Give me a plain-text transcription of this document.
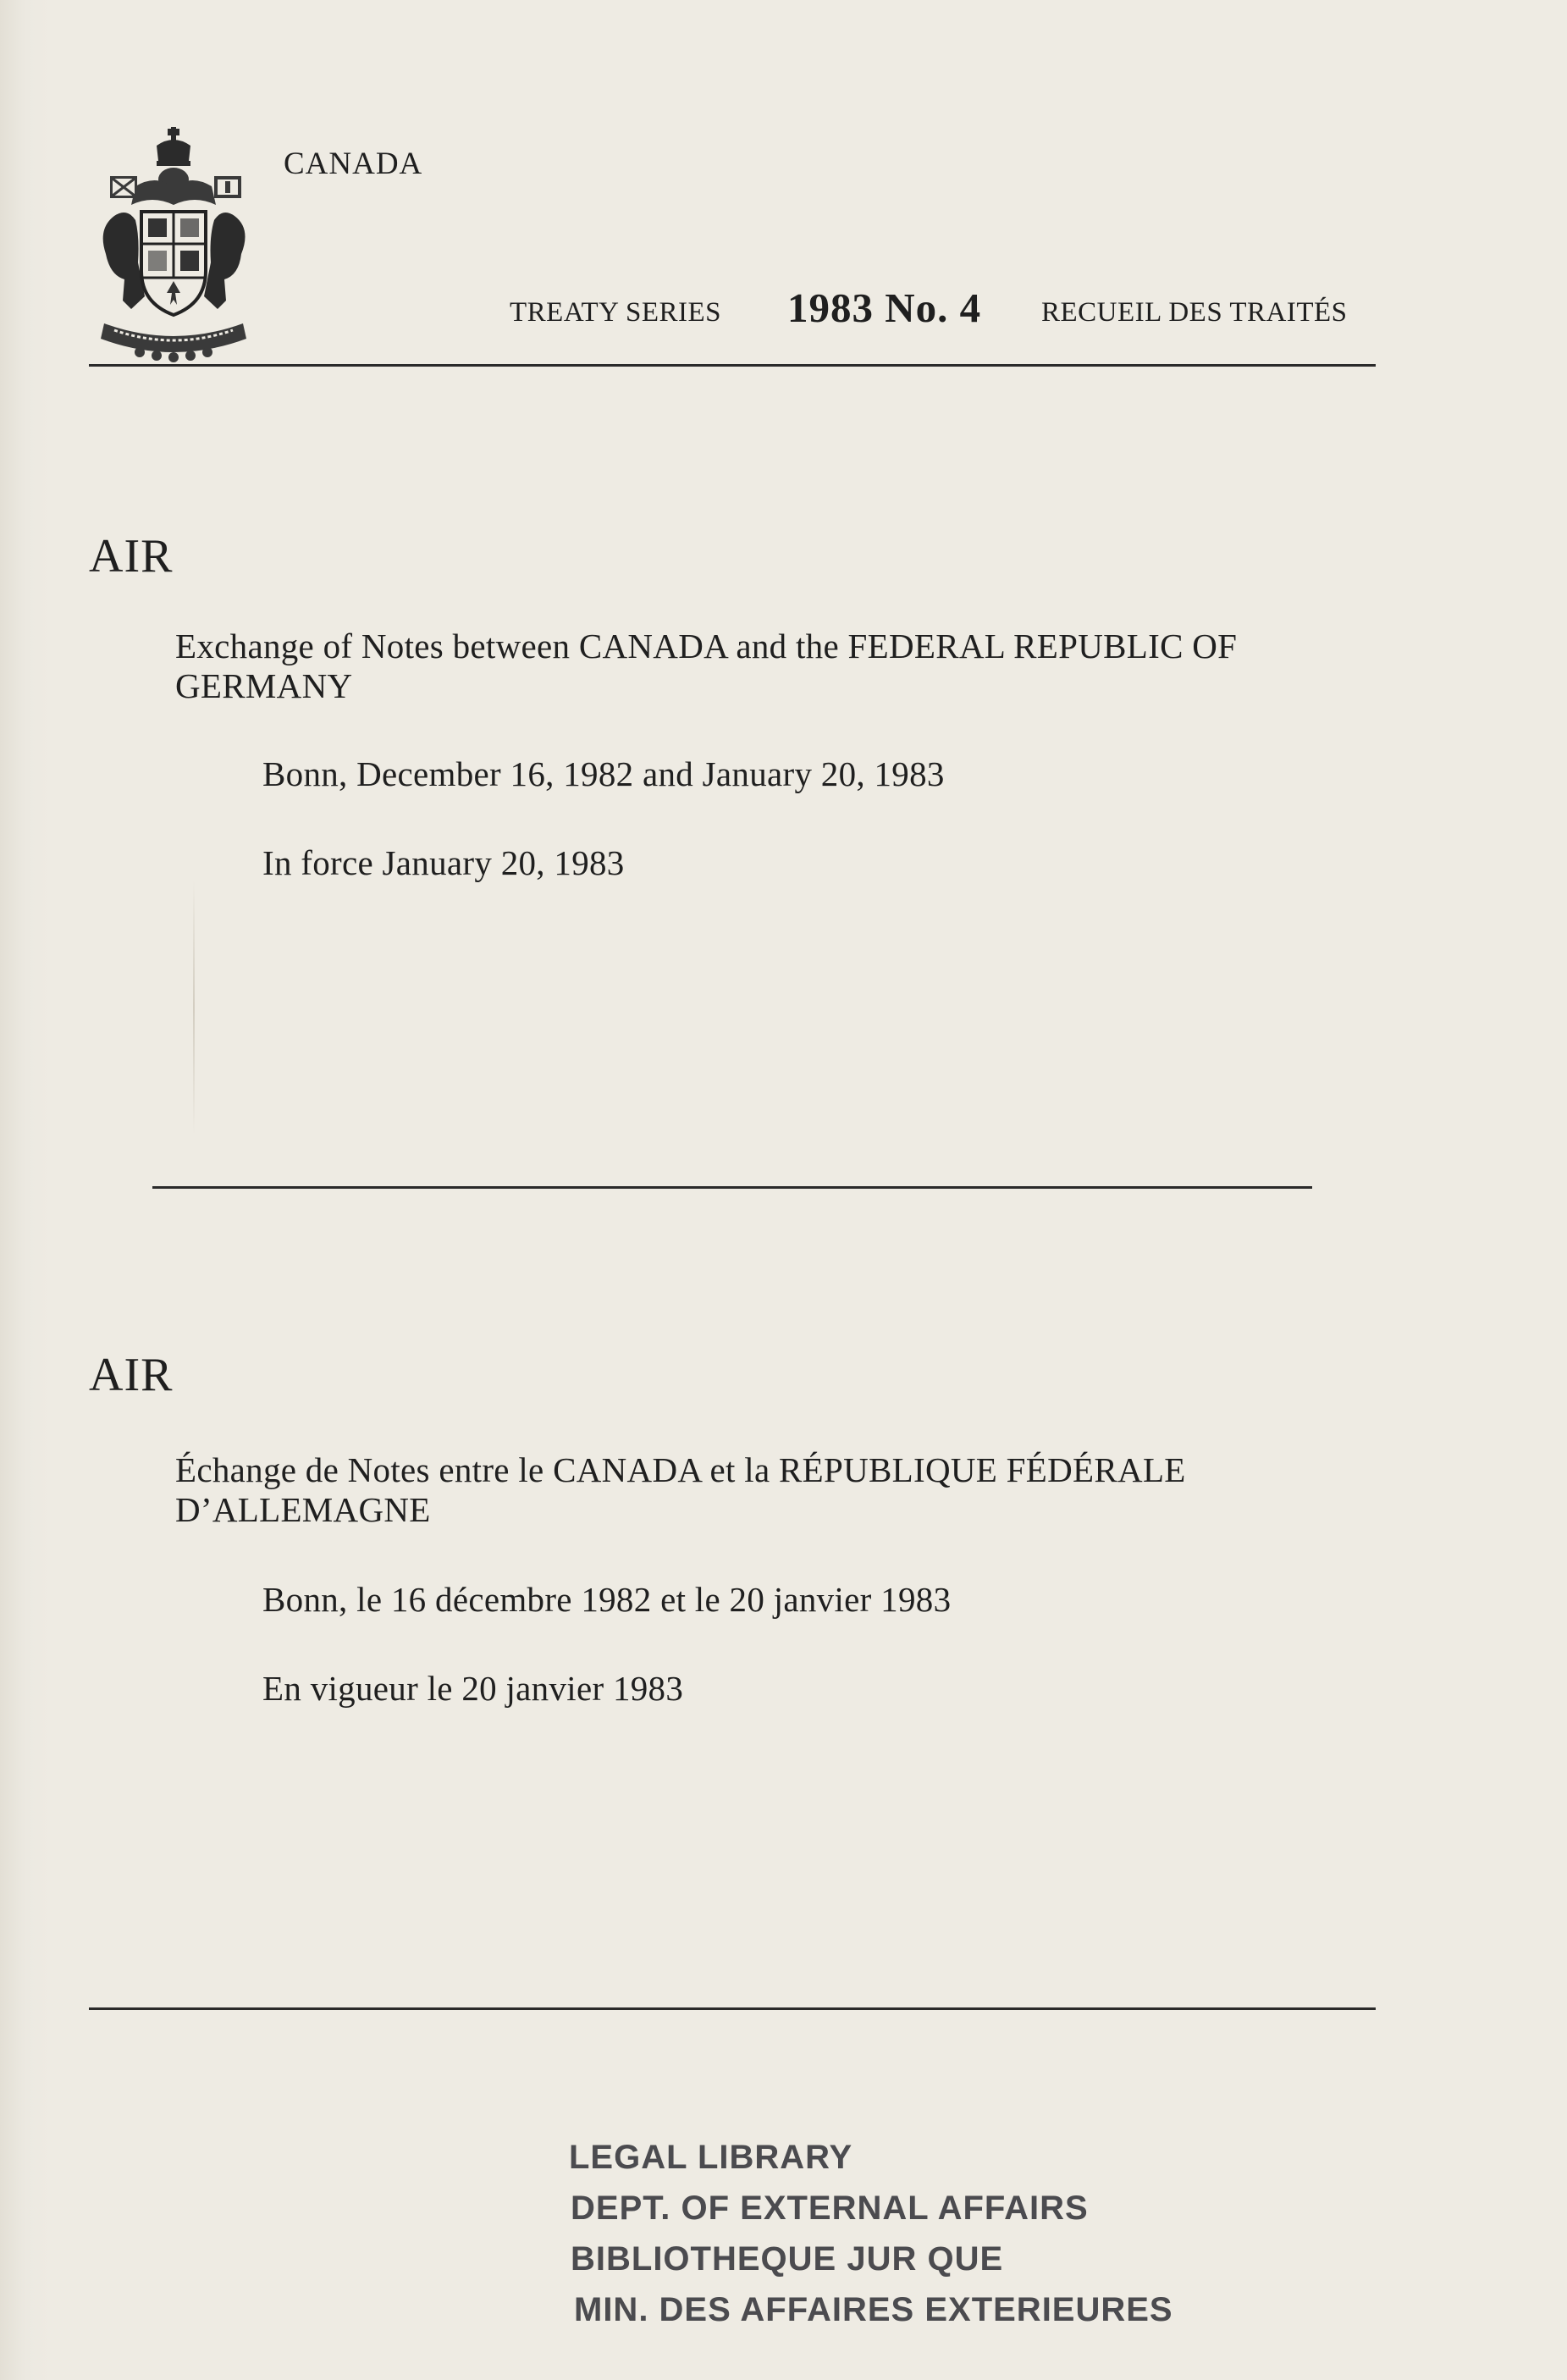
CANADA
TREATY SERIES 1983 No. 4 RECUEIL DES TRAITÉS
AIR
Exchange of Notes between CANADA and the FEDERAL REPUBLIC OF GERMANY
Bonn, December 16, 1982 and January 20, 1983
In force January 20, 1983
AIR
Échange de Notes entre le CANADA et la RÉPUBLIQUE FÉDÉRALE D’ALLEMAGNE
Bonn, le 16 décembre 1982 et le 20 janvier 1983
En vigueur le 20 janvier 1983
LEGAL LIBRARY
DEPT. OF EXTERNAL AFFAIRS
BIBLIOTHEQUE JUR QUE
MIN. DES AFFAIRES EXTERIEURES
